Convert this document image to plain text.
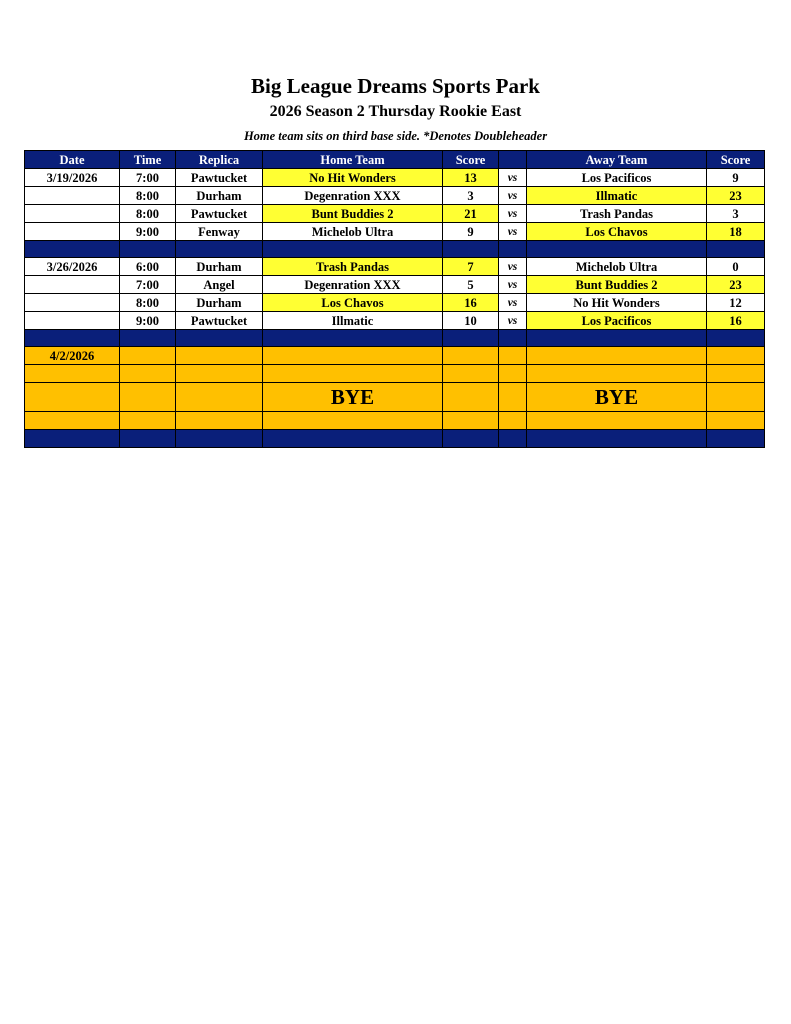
Big League Dreams Sports Park
2026 Season 2 Thursday Rookie East
Home team sits on third base side. *Denotes Doubleheader
Date	Time	Replica	Home Team	Score		Away Team	Score
3/19/2026	7:00	Pawtucket	No Hit Wonders	13	vs	Los Pacificos	9
	8:00	Durham	Degenration XXX	3	vs	Illmatic	23
	8:00	Pawtucket	Bunt Buddies 2	21	vs	Trash Pandas	3
	9:00	Fenway	Michelob Ultra	9	vs	Los Chavos	18

3/26/2026	6:00	Durham	Trash Pandas	7	vs	Michelob Ultra	0
	7:00	Angel	Degenration XXX	5	vs	Bunt Buddies 2	23
	8:00	Durham	Los Chavos	16	vs	No Hit Wonders	12
	9:00	Pawtucket	Illmatic	10	vs	Los Pacificos	16

4/2/2026							

			BYE			BYE	
